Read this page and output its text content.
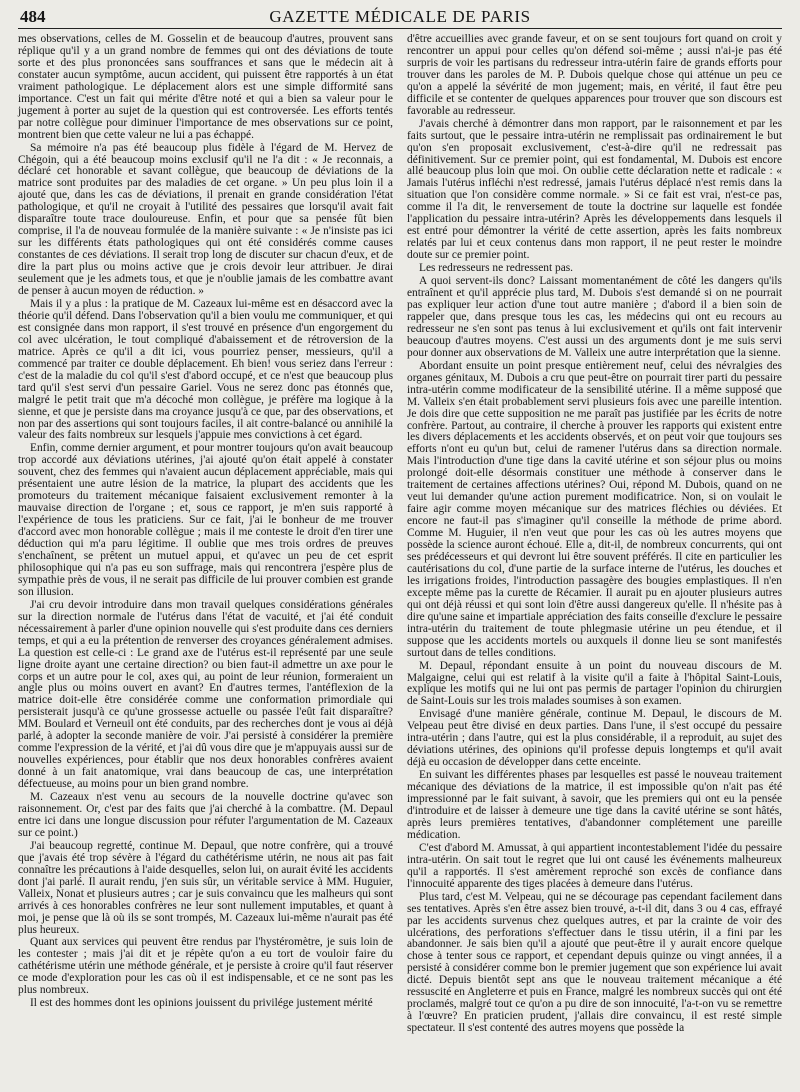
484	GAZETTE MÉDICALE DE PARIS

mes observations, celles de M. Gosselin et de beaucoup d'autres, prouvent sans réplique qu'il y a un grand nombre de femmes qui ont des déviations de toute sorte et des plus prononcées sans souffrances et sans que le médecin ait à constater aucun symptôme, aucun accident, qui puissent être rapportés à un état vraiment pathologique. Le déplacement alors est une simple difformité sans importance. C'est un fait qui mérite d'être noté et qui a bien sa valeur pour le jugement à porter au sujet de la question qui est controversée. Les efforts tentés par notre collègue pour diminuer l'importance de mes observations sur ce point, montrent bien que cette valeur ne lui a pas échappé.

Sa mémoire n'a pas été beaucoup plus fidèle à l'égard de M. Hervez de Chégoin, qui a été beaucoup moins exclusif qu'il ne l'a dit : « Je reconnais, a déclaré cet honorable et savant collègue, que beaucoup de déviations de la matrice sont produites par des maladies de cet organe. » Un peu plus loin il a ajouté que, dans les cas de déviations, il prenait en grande considération l'état pathologique, et qu'il ne croyait à l'utilité des pessaires que lorsqu'il avait fait disparaître toute trace douloureuse. Enfin, et pour que sa pensée fût bien comprise, il l'a de nouveau formulée de la manière suivante : « Je n'insiste pas ici sur les différents états pathologiques qui ont été considérés comme causes constantes de ces déviations. Il serait trop long de discuter sur chacun d'eux, et de dire la part plus ou moins active que je crois devoir leur attribuer. Je dirai seulement que je les admets tous, et que je n'oublie jamais de les combattre avant de penser à aucun moyen de réduction. »

Mais il y a plus : la pratique de M. Cazeaux lui-même est en désaccord avec la théorie qu'il défend. Dans l'observation qu'il a bien voulu me communiquer, et qui est consignée dans mon rapport, il s'est trouvé en présence d'un engorgement du col avec ulcération, le tout compliqué d'abaissement et de rétroversion de la matrice. Après ce qu'il a dit ici, vous pourriez penser, messieurs, qu'il a commencé par traiter ce double déplacement. Eh bien! vous seriez dans l'erreur : c'est de la maladie du col qu'il s'est d'abord occupé, et ce n'est que beaucoup plus tard qu'il s'est servi d'un pessaire Gariel. Vous ne serez donc pas étonnés que, malgré le petit trait que m'a décoché mon collègue, je préfère ma logique à la sienne, et que je persiste dans ma croyance jusqu'à ce que, par des observations, et non par des assertions qui sont toujours faciles, il ait contre-balancé ou annihilé la valeur des faits nombreux sur lesquels j'appuie mes convictions à cet égard.

Enfin, comme dernier argument, et pour montrer toujours qu'on avait beaucoup trop accordé aux déviations utérines, j'ai ajouté qu'on était appelé à constater souvent, chez des femmes qui n'avaient aucun déplacement appréciable, mais qui présentaient une autre lésion de la matrice, la plupart des accidents que les promoteurs du traitement mécanique faisaient exclusivement remonter à la mauvaise direction de l'organe ; et, sous ce rapport, je m'en suis rapporté à l'expérience de tous les praticiens. Sur ce fait, j'ai le bonheur de me trouver d'accord avec mon honorable collègue ; mais il me conteste le droit d'en tirer une déduction qui m'a paru légitime. Il oublie que mes trois ordres de preuves s'enchaînent, se prêtent un mutuel appui, et qu'avec un peu de cet esprit philosophique qui n'a pas eu son suffrage, mais qui rencontrera j'espère plus de sympathie près de vous, il ne serait pas difficile de lui prouver combien est grande son illusion.

J'ai cru devoir introduire dans mon travail quelques considérations générales sur la direction normale de l'utérus dans l'état de vacuité, et j'ai été conduit nécessairement à parler d'une opinion nouvelle qui s'est produite dans ces derniers temps, et qui a eu la prétention de renverser des croyances généralement admises. La question est celle-ci : Le grand axe de l'utérus est-il représenté par une seule ligne droite ayant une certaine direction? ou bien faut-il admettre un axe pour le corps et un autre pour le col, axes qui, au point de leur réunion, formeraient un angle plus ou moins ouvert en avant? En d'autres termes, l'antéflexion de la matrice doit-elle être considérée comme une conformation primordiale qui persisterait jusqu'à ce qu'une grossesse actuelle ou passée l'eût fait disparaître? MM. Boulard et Verneuil ont été conduits, par des recherches dont je vous ai déjà parlé, à adopter la seconde manière de voir. J'ai persisté à considérer la première comme l'expression de la vérité, et j'ai dû vous dire que je m'appuyais aussi sur de nouvelles expériences, pour établir que nos deux honorables confrères avaient donné à un fait anatomique, vrai dans beaucoup de cas, une interprétation défectueuse, au moins pour un bien grand nombre.

M. Cazeaux n'est venu au secours de la nouvelle doctrine qu'avec son raisonnement. Or, c'est par des faits que j'ai cherché à la combattre. (M. Depaul entre ici dans une longue discussion pour réfuter l'argumentation de M. Cazeaux sur ce point.)

J'ai beaucoup regretté, continue M. Depaul, que notre confrère, qui a trouvé que j'avais été trop sévère à l'égard du cathétérisme utérin, ne nous ait pas fait connaître les précautions à l'aide desquelles, selon lui, on aurait évité les accidents dont j'ai parlé. Il aurait rendu, j'en suis sûr, un véritable service à MM. Huguier, Valleix, Nonat et plusieurs autres ; car je suis convaincu que les malheurs qui sont arrivés à ces honorables confrères ne leur sont nullement imputables, et quant à moi, je pense que là où ils se sont trompés, M. Cazeaux lui-même n'aurait pas été plus heureux.

Quant aux services qui peuvent être rendus par l'hystéromètre, je suis loin de les contester ; mais j'ai dit et je répète qu'on a eu tort de vouloir faire du cathétérisme utérin une méthode générale, et je persiste à croire qu'il faut réserver ce mode d'exploration pour les cas où il est indispensable, et ce ne sont pas les plus nombreux.

Il est des hommes dont les opinions jouissent du privilége justement mérité

d'être accueillies avec grande faveur, et on se sent toujours fort quand on croit y rencontrer un appui pour celles qu'on défend soi-même ; aussi n'ai-je pas été surpris de voir les partisans du redresseur intra-utérin faire de grands efforts pour trouver dans les paroles de M. P. Dubois quelque chose qui atténue un peu ce qu'on a appelé la sévérité de mon jugement; mais, en vérité, il faut être peu difficile et se contenter de quelques apparences pour trouver que son discours est favorable au redresseur.

J'avais cherché à démontrer dans mon rapport, par le raisonnement et par les faits surtout, que le pessaire intra-utérin ne remplissait pas ordinairement le but qu'on s'en proposait exclusivement, c'est-à-dire qu'il ne redressait pas définitivement. Sur ce premier point, qui est fondamental, M. Dubois est encore allé beaucoup plus loin que moi. On oublie cette déclaration nette et radicale : « Jamais l'utérus infléchi n'est redressé, jamais l'utérus déplacé n'est remis dans la situation que l'on considère comme normale. » Si ce fait est vrai, n'est-ce pas, comme il l'a dit, le renversement de toute la doctrine sur laquelle est fondée l'application du pessaire intra-utérin? Après les développements dans lesquels il est entré pour démontrer la vérité de cette assertion, après les faits nombreux relatés par lui et ceux contenus dans mon rapport, il ne peut rester le moindre doute sur ce premier point.

Les redresseurs ne redressent pas.

A quoi servent-ils donc? Laissant momentanément de côté les dangers qu'ils entraînent et qu'il apprécie plus tard, M. Dubois s'est demandé si on ne pourrait pas expliquer leur action d'une tout autre manière ; d'abord il a bien soin de rappeler que, dans presque tous les cas, les médecins qui ont eu recours au redresseur ne s'en sont pas tenus à lui exclusivement et qu'ils ont fait intervenir beaucoup d'autres moyens. C'est aussi un des arguments dont je me suis servi pour donner aux observations de M. Valleix une autre interprétation que la sienne.

Abordant ensuite un point presque entièrement neuf, celui des névralgies des organes génitaux, M. Dubois a cru que peut-être on pourrait tirer parti du pessaire intra-utérin comme modificateur de la sensibilité utérine. Il a même supposé que M. Valleix s'en était probablement servi plusieurs fois avec une pareille intention. Je dois dire que cette supposition ne me paraît pas justifiée par les écrits de notre confrère. Partout, au contraire, il cherche à prouver les rapports qui existent entre les divers déplacements et les accidents observés, et on peut voir que toujours ses efforts n'ont eu qu'un but, celui de ramener l'utérus dans sa direction normale. Mais l'introduction d'une tige dans la cavité utérine et son séjour plus ou moins prolongé doit-elle désormais constituer une méthode à conserver dans le traitement de certaines affections utérines? Oui, répond M. Dubois, quand on ne veut lui demander qu'une action purement modificatrice. Non, si on voulait le faire agir comme moyen mécanique sur des matrices fléchies ou déviées. Et encore ne faut-il pas s'imaginer qu'il conseille la méthode de prime abord. Comme M. Huguier, il n'en veut que pour les cas où les autres moyens que possède la science auront échoué. Elle a, dit-il, de nombreux concurrents, qui ont ses prédécesseurs et qui devront lui être souvent préférés. Il cite en particulier les cautérisations du col, d'une partie de la surface interne de l'utérus, les douches et les irrigations froides, l'introduction passagère des bougies emplastiques. Il n'en excepte même pas la curette de Récamier. Il aurait pu en ajouter plusieurs autres qui ont déjà réussi et qui sont loin d'être aussi dangereux qu'elle. Il n'hésite pas à dire qu'une saine et impartiale appréciation des faits conseille d'exclure le pessaire intra-utérin du traitement de toute phlegmasie utérine un peu étendue, et il suppose que les accidents mortels ou auxquels il donne lieu se sont manifestés surtout dans de telles conditions.

M. Depaul, répondant ensuite à un point du nouveau discours de M. Malgaigne, celui qui est relatif à la visite qu'il a faite à l'hôpital Saint-Louis, explique les motifs qui ne lui ont pas permis de partager l'opinion du chirurgien de Saint-Louis sur les trois malades soumises à son examen.

Envisagé d'une manière générale, continue M. Depaul, le discours de M. Velpeau peut être divisé en deux parties. Dans l'une, il s'est occupé du pessaire intra-utérin ; dans l'autre, qui est la plus considérable, il a reproduit, au sujet des déviations utérines, des opinions qu'il professe depuis longtemps et qu'il avait déjà eu occasion de développer dans cette enceinte.

En suivant les différentes phases par lesquelles est passé le nouveau traitement mécanique des déviations de la matrice, il est impossible qu'on n'ait pas été impressionné par le fait suivant, à savoir, que les premiers qui ont eu la pensée d'introduire et de laisser à demeure une tige dans la cavité utérine se sont hâtés, après leurs premières tentatives, d'abandonner complétement une pareille médication.

C'est d'abord M. Amussat, à qui appartient incontestablement l'idée du pessaire intra-utérin. On sait tout le regret que lui ont causé les événements malheureux qu'il a rapportés. Il s'est amèrement reproché son excès de confiance dans l'innocuité apparente des tiges placées à demeure dans l'utérus.

Plus tard, c'est M. Velpeau, qui ne se décourage pas cependant facilement dans ses tentatives. Après s'en être assez bien trouvé, a-t-il dit, dans 3 ou 4 cas, effrayé par les accidents survenus chez quelques autres, et par la crainte de voir des ulcérations, des perforations s'effectuer dans le tissu utérin, il a fini par les abandonner. Je sais bien qu'il a ajouté que peut-être il y aurait encore quelque chose à tenter sous ce rapport, et cependant depuis quinze ou vingt années, il a persisté à considérer comme bon le premier jugement que son expérience lui avait dicté. Depuis bientôt sept ans que le nouveau traitement mécanique a été ressuscité en Angleterre et puis en France, malgré les nombreux succès qui ont été proclamés, malgré tout ce qu'on a pu dire de son innocuité, l'a-t-on vu se remettre à l'œuvre? En praticien prudent, j'allais dire convaincu, il est resté simple spectateur. Il s'est contenté des autres moyens que possède la
